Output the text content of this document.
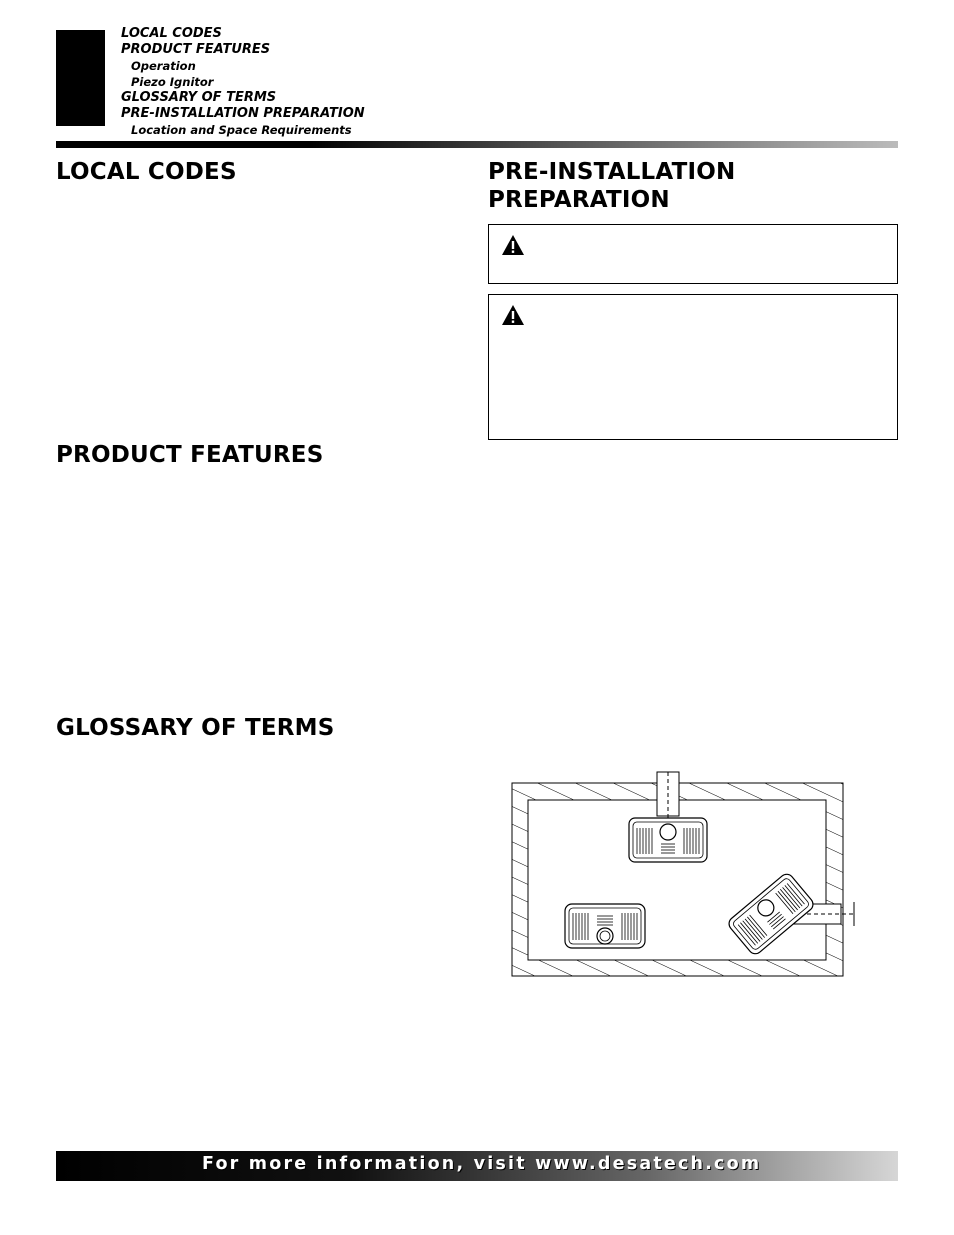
LOCAL CODES
PRODUCT FEATURES
Operation
Piezo Ignitor
GLOSSARY OF TERMS
PRE-INSTALLATION PREPARATION
Location and Space Requirements
LOCAL CODES
PRODUCT FEATURES
GLOSSARY OF TERMS
PRE-INSTALLATION
PREPARATION
For more information, visit www.desatech.com
